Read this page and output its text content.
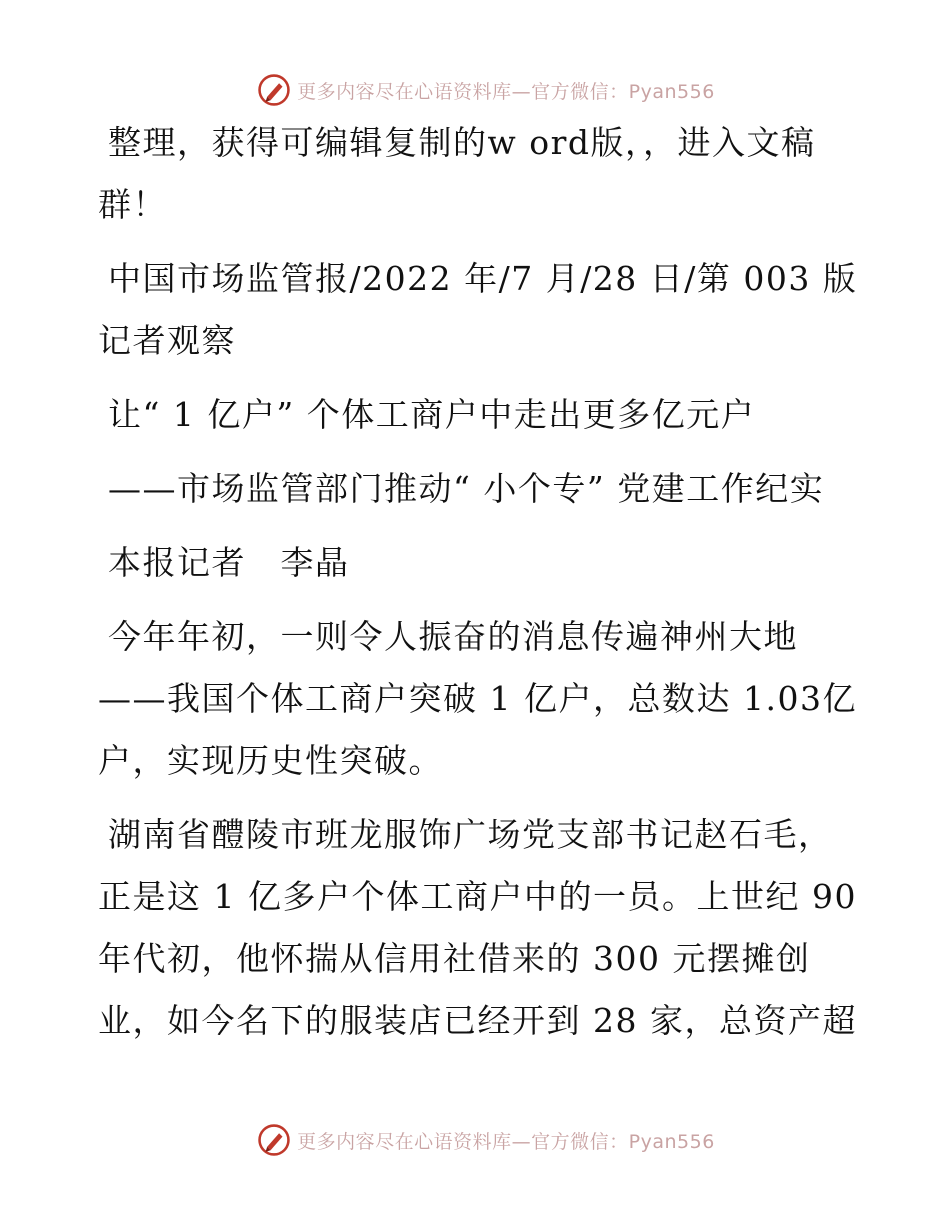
更多内容尽在心语资料库—官方微信：Pyan556

整理，获得可编辑复制的w ord版，，进入文稿群！

中国市场监管报/2022 年/7 月/28 日/第 003 版记者观察

让“ 1 亿户” 个体工商户中走出更多亿元户

——市场监管部门推动“ 小个专” 党建工作纪实

本报记者　李晶

今年年初，一则令人振奋的消息传遍神州大地——我国个体工商户突破 1 亿户，总数达 1.03亿户，实现历史性突破。

湖南省醴陵市班龙服饰广场党支部书记赵石毛，正是这 1 亿多户个体工商户中的一员。上世纪 90 年代初，他怀揣从信用社借来的 300 元摆摊创业，如今名下的服装店已经开到 28 家，总资产超

更多内容尽在心语资料库—官方微信：Pyan556
